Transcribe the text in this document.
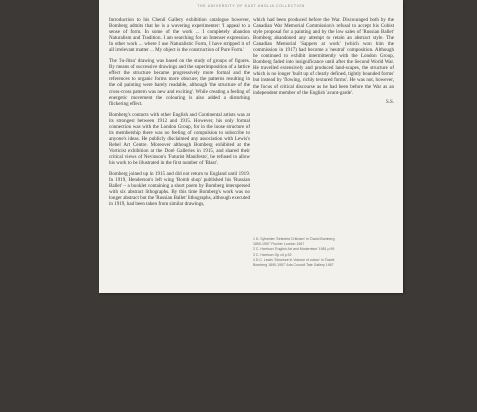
THE UNIVERSITY OF EAST ANGLIA COLLECTION

Introduction to his Chenil Gallery exhibition catalogue however, Bomberg admits that he is a wavering experimenter: 'I appeal to a sense of form. In some of the work ... I completely abandon Naturalism and Tradition. I am searching for an Intenser expression. In other work ... where I use Naturalistic Form, I have stripped it of all irrelevant matter ... My object is the construction of Pure Form.'

The 'Ju-Jitsu' drawing was based on the study of groups of figures. By means of successive drawings and the superimposition of a lattice effect the structure became progressively more formal and the references to organic forms more obscure; the patterns resulting in the oil painting were barely readable, although 'the structure of the cross-cross pattern was new and exciting'. While creating a feeling of energetic movement the colouring is also added a disturbing flickering effect.

Bomberg's contacts with other English and Continental artists was at its strongest between 1912 and 1915. However, his only formal connection was with the London Group, for in the loose structure of its membership there was no feeling of compulsion to subscribe to anyone's ideas. He publicly disclaimed any association with Lewis's Rebel Art Centre. Moreover although Bomberg exhibited at the Vorticist exhibition at the Doré Galleries in 1915, and shared their critical views of Nevinson's 'Futurist Manifesto', he refused to allow his work to be illustrated in the first number of 'Blast'.

Bomberg joined up in 1915 and did not return to England until 1919. In 1919, Henderson's left wing 'Bomb shop' published his 'Russian Ballet' – a booklet containing a short poem by Bomberg interspersed with six abstract lithographs. By this time Bomberg's work was no longer abstract but the 'Russian Ballet' lithographs, although executed in 1919, had been taken from similar drawings,

which had been produced before the War. Discouraged both by the Canadian War Memorial Commission's refusal to accept his Cubist style proposal for a painting and by the low sales of 'Russian Ballet' Bomberg abandoned any attempt to retain an abstract style. The Canadian Memorial 'Sappers at work' (which won him the commission in 1917) had become a 'neutral' composition. Although he continued to exhibit intermittently with the London Group, Bomberg faded into insignificance until after the Second World War. He travelled extensively and produced land-scapes, the structure of which is no longer 'built up of clearly defined, tightly bounded forms' but instead by 'flowing, richly textured forms'. He was not, however, the focus of critical discourse as he had been before the War as an independent member of the English 'avant-garde'.

S.S.
1 D. Sylvester 'Selected Criticism' in 'David Bomberg
1890-1957' Fischer London 1967
2 C. Harrison 'English Art and Modernism' 1981 p.99
3 C. Harrison Op cit p.92
4 D.C. Lewis 'Structure in Volume of colour' in 'David
Bomberg 1890-1957' Arts Council Tate Gallery 1967
